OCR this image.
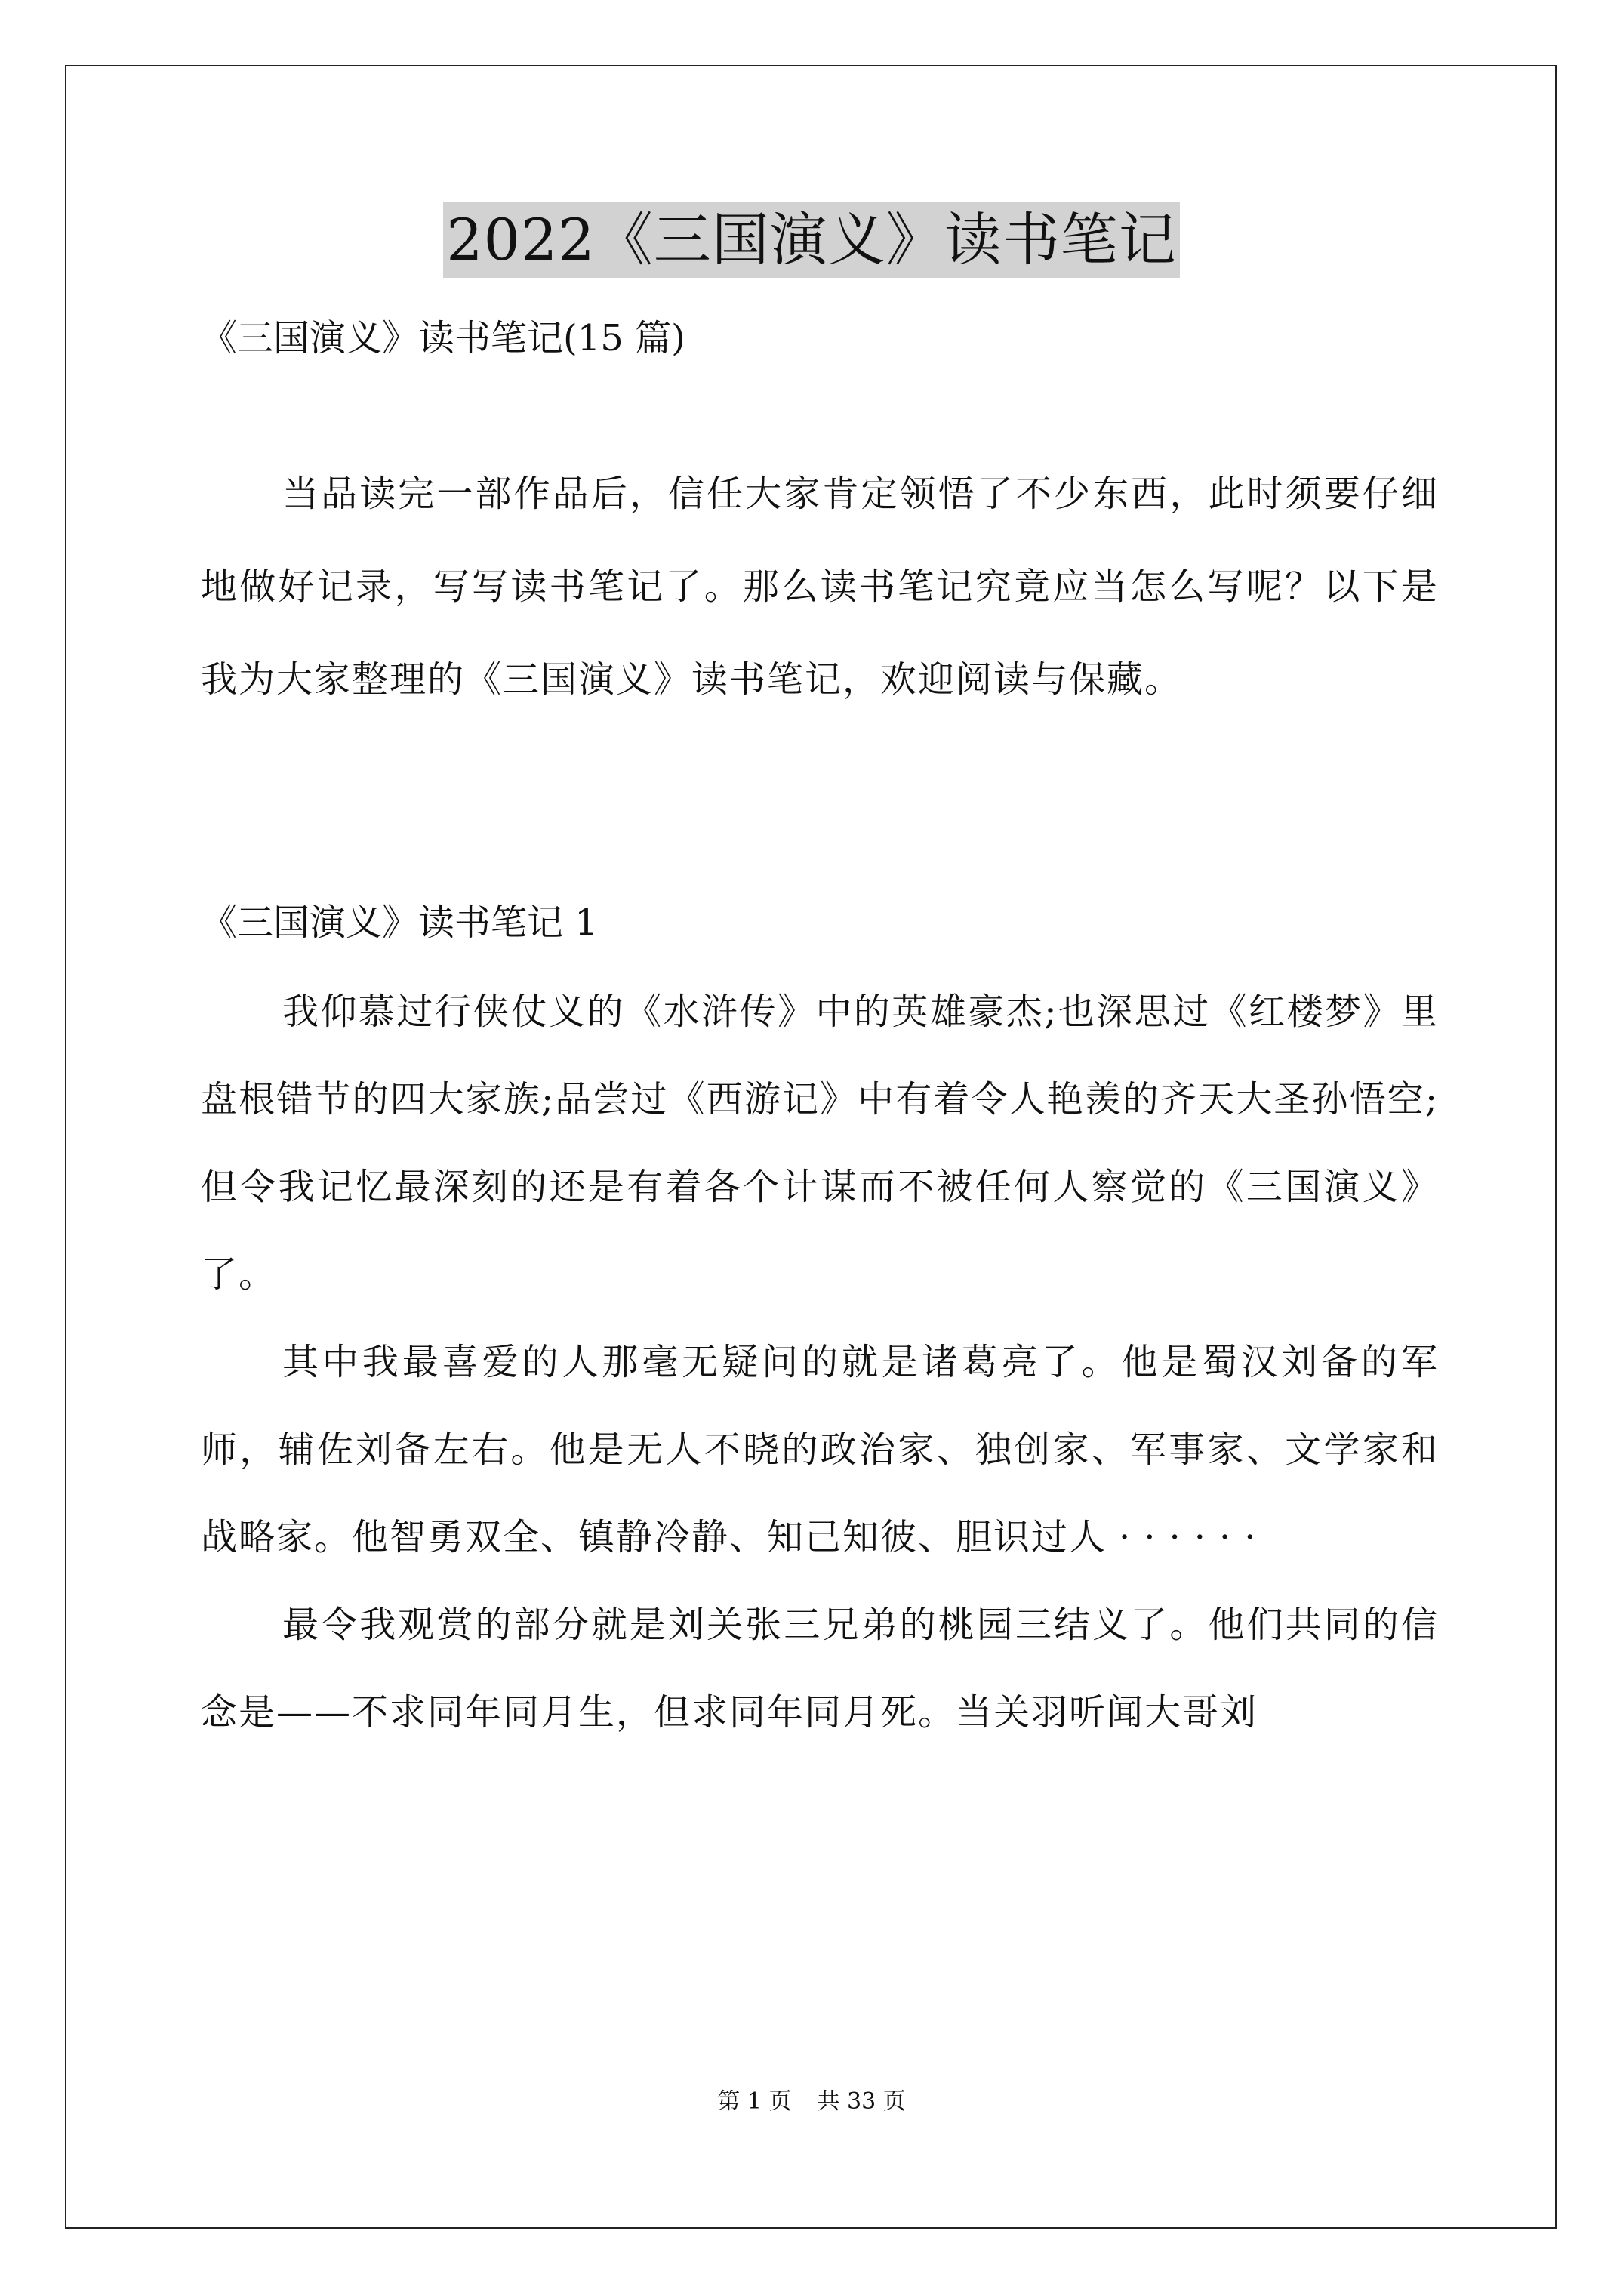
2022《三国演义》读书笔记

《三国演义》读书笔记(15 篇)

当品读完一部作品后，信任大家肯定领悟了不少东西，此时须要仔细地做好记录，写写读书笔记了。那么读书笔记究竟应当怎么写呢？以下是我为大家整理的《三国演义》读书笔记，欢迎阅读与保藏。

《三国演义》读书笔记 1

我仰慕过行侠仗义的《水浒传》中的英雄豪杰;也深思过《红楼梦》里盘根错节的四大家族;品尝过《西游记》中有着令人艳羡的齐天大圣孙悟空;但令我记忆最深刻的还是有着各个计谋而不被任何人察觉的《三国演义》了。

其中我最喜爱的人那毫无疑问的就是诸葛亮了。他是蜀汉刘备的军师，辅佐刘备左右。他是无人不晓的政治家、独创家、军事家、文学家和战略家。他智勇双全、镇静冷静、知己知彼、胆识过人······

最令我观赏的部分就是刘关张三兄弟的桃园三结义了。他们共同的信念是——不求同年同月生，但求同年同月死。当关羽听闻大哥刘

第 1 页 共 33 页
